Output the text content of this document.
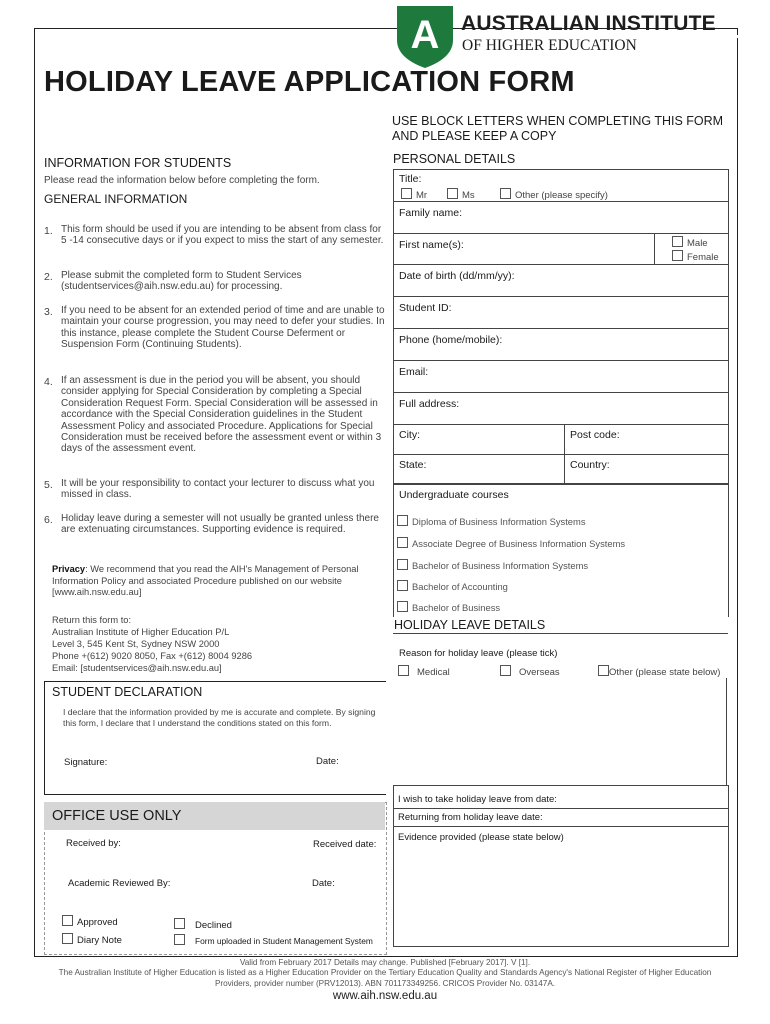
A AUSTRALIAN INSTITUTE
OF HIGHER EDUCATION
HOLIDAY LEAVE APPLICATION FORM
USE BLOCK LETTERS WHEN COMPLETING THIS FORM
AND PLEASE KEEP A COPY
INFORMATION FOR STUDENTS
Please read the information below before completing the form.
GENERAL INFORMATION
1. This form should be used if you are intending to be absent from class for 5 -14 consecutive days or if you expect to miss the start of any semester.
2. Please submit the completed form to Student Services (studentservices@aih.nsw.edu.au) for processing.
3. If you need to be absent for an extended period of time and are unable to maintain your course progression, you may need to defer your studies. In this instance, please complete the Student Course Deferment or Suspension Form (Continuing Students).
4. If an assessment is due in the period you will be absent, you should consider applying for Special Consideration by completing a Special Consideration Request Form. Special Consideration will be assessed in accordance with the Special Consideration guidelines in the Student Assessment Policy and associated Procedure. Applications for Special Consideration must be received before the assessment event or within 3 days of the assessment event.
5. It will be your responsibility to contact your lecturer to discuss what you missed in class.
6. Holiday leave during a semester will not usually be granted unless there are extenuating circumstances. Supporting evidence is required.
Privacy: We recommend that you read the AIH's Management of Personal Information Policy and associated Procedure published on our website [www.aih.nsw.edu.au]
Return this form to:
Australian Institute of Higher Education P/L
Level 3, 545 Kent St, Sydney NSW 2000
Phone +(612) 9020 8050, Fax +(612) 8004 9286
Email: [studentservices@aih.nsw.edu.au]
STUDENT DECLARATION
I declare that the information provided by me is accurate and complete. By signing this form, I declare that I understand the conditions stated on this form.
Signature:	Date:
OFFICE USE ONLY
Received by:	Received date:
Academic Reviewed By:	Date:
Approved	Declined
Diary Note	Form uploaded in Student Management System
PERSONAL DETAILS
Title:
Mr	Ms	Other (please specify)
Family name:
First name(s):	Male
Female
Date of birth (dd/mm/yy):
Student ID:
Phone (home/mobile):
Email:
Full address:
City:	Post code:
State:	Country:
Undergraduate courses
Diploma of Business Information Systems
Associate Degree of Business Information Systems
Bachelor of Business Information Systems
Bachelor of Accounting
Bachelor of Business
HOLIDAY LEAVE DETAILS
Reason for holiday leave (please tick)
Medical	Overseas	Other (please state below)
I wish to take holiday leave from date:
Returning from holiday leave date:
Evidence provided (please state below)
Valid from February 2017 Details may change. Published [February 2017]. V [1].
The Australian Institute of Higher Education is listed as a Higher Education Provider on the Tertiary Education Quality and Standards Agency's National Register of Higher Education Providers, provider number (PRV12013). ABN 701173349256. CRICOS Provider No. 03147A.
www.aih.nsw.edu.au
